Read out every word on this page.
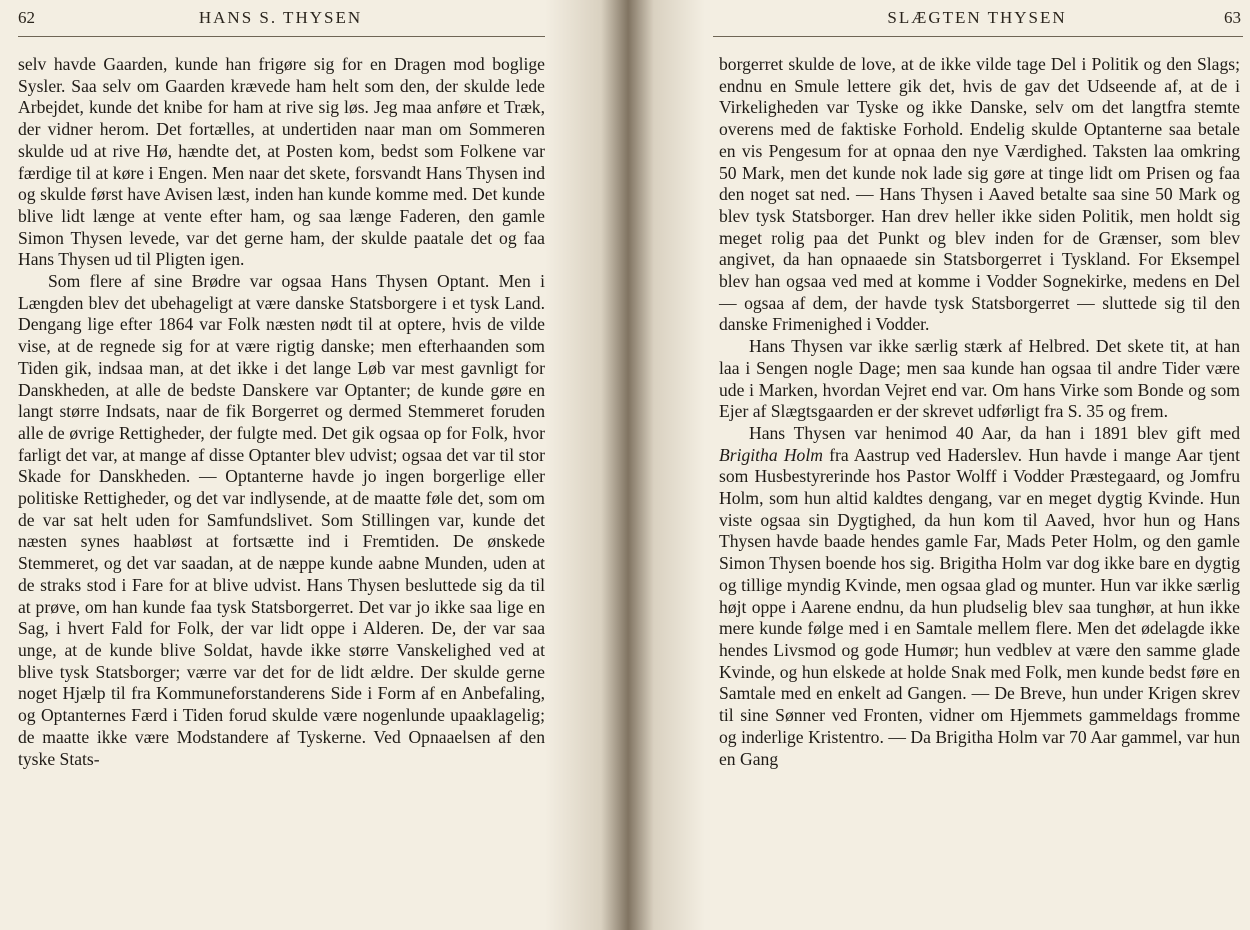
62	HANS S. THYSEN

selv havde Gaarden, kunde han frigøre sig for en Dragen mod boglige Sysler. Saa selv om Gaarden krævede ham helt som den, der skulde lede Arbejdet, kunde det knibe for ham at rive sig løs. Jeg maa anføre et Træk, der vidner herom. Det fortælles, at undertiden naar man om Sommeren skulde ud at rive Hø, hændte det, at Posten kom, bedst som Folkene var færdige til at køre i Engen. Men naar det skete, forsvandt Hans Thysen ind og skulde først have Avisen læst, inden han kunde komme med. Det kunde blive lidt længe at vente efter ham, og saa længe Faderen, den gamle Simon Thysen levede, var det gerne ham, der skulde paatale det og faa Hans Thysen ud til Pligten igen.

Som flere af sine Brødre var ogsaa Hans Thysen Optant. Men i Længden blev det ubehageligt at være danske Statsborgere i et tysk Land. Dengang lige efter 1864 var Folk næsten nødt til at optere, hvis de vilde vise, at de regnede sig for at være rigtig danske; men efterhaanden som Tiden gik, indsaa man, at det ikke i det lange Løb var mest gavnligt for Danskheden, at alle de bedste Danskere var Optanter; de kunde gøre en langt større Indsats, naar de fik Borgerret og dermed Stemmeret foruden alle de øvrige Rettigheder, der fulgte med. Det gik ogsaa op for Folk, hvor farligt det var, at mange af disse Optanter blev udvist; ogsaa det var til stor Skade for Danskheden. — Optanterne havde jo ingen borgerlige eller politiske Rettigheder, og det var indlysende, at de maatte føle det, som om de var sat helt uden for Samfundslivet. Som Stillingen var, kunde det næsten synes haabløst at fortsætte ind i Fremtiden. De ønskede Stemmeret, og det var saadan, at de næppe kunde aabne Munden, uden at de straks stod i Fare for at blive udvist. Hans Thysen besluttede sig da til at prøve, om han kunde faa tysk Statsborgerret. Det var jo ikke saa lige en Sag, i hvert Fald for Folk, der var lidt oppe i Alderen. De, der var saa unge, at de kunde blive Soldat, havde ikke større Vanskelighed ved at blive tysk Statsborger; værre var det for de lidt ældre. Der skulde gerne noget Hjælp til fra Kommuneforstanderens Side i Form af en Anbefaling, og Optanternes Færd i Tiden forud skulde være nogenlunde upaaklagelig; de maatte ikke være Modstandere af Tyskerne. Ved Opnaaelsen af den tyske Stats-

SLÆGTEN THYSEN	63

borgerret skulde de love, at de ikke vilde tage Del i Politik og den Slags; endnu en Smule lettere gik det, hvis de gav det Udseende af, at de i Virkeligheden var Tyske og ikke Danske, selv om det langtfra stemte overens med de faktiske Forhold. Endelig skulde Optanterne saa betale en vis Pengesum for at opnaa den nye Værdighed. Taksten laa omkring 50 Mark, men det kunde nok lade sig gøre at tinge lidt om Prisen og faa den noget sat ned. — Hans Thysen i Aaved betalte saa sine 50 Mark og blev tysk Statsborger. Han drev heller ikke siden Politik, men holdt sig meget rolig paa det Punkt og blev inden for de Grænser, som blev angivet, da han opnaaede sin Statsborgerret i Tyskland. For Eksempel blev han ogsaa ved med at komme i Vodder Sognekirke, medens en Del — ogsaa af dem, der havde tysk Statsborgerret — sluttede sig til den danske Frimenighed i Vodder.

Hans Thysen var ikke særlig stærk af Helbred. Det skete tit, at han laa i Sengen nogle Dage; men saa kunde han ogsaa til andre Tider være ude i Marken, hvordan Vejret end var. Om hans Virke som Bonde og som Ejer af Slægtsgaarden er der skrevet udførligt fra S. 35 og frem.

Hans Thysen var henimod 40 Aar, da han i 1891 blev gift med Brigitha Holm fra Aastrup ved Haderslev. Hun havde i mange Aar tjent som Husbestyrerinde hos Pastor Wolff i Vodder Præstegaard, og Jomfru Holm, som hun altid kaldtes dengang, var en meget dygtig Kvinde. Hun viste ogsaa sin Dygtighed, da hun kom til Aaved, hvor hun og Hans Thysen havde baade hendes gamle Far, Mads Peter Holm, og den gamle Simon Thysen boende hos sig. Brigitha Holm var dog ikke bare en dygtig og tillige myndig Kvinde, men ogsaa glad og munter. Hun var ikke særlig højt oppe i Aarene endnu, da hun pludselig blev saa tunghør, at hun ikke mere kunde følge med i en Samtale mellem flere. Men det ødelagde ikke hendes Livsmod og gode Humør; hun vedblev at være den samme glade Kvinde, og hun elskede at holde Snak med Folk, men kunde bedst føre en Samtale med en enkelt ad Gangen. — De Breve, hun under Krigen skrev til sine Sønner ved Fronten, vidner om Hjemmets gammeldags fromme og inderlige Kristentro. — Da Brigitha Holm var 70 Aar gammel, var hun en Gang
